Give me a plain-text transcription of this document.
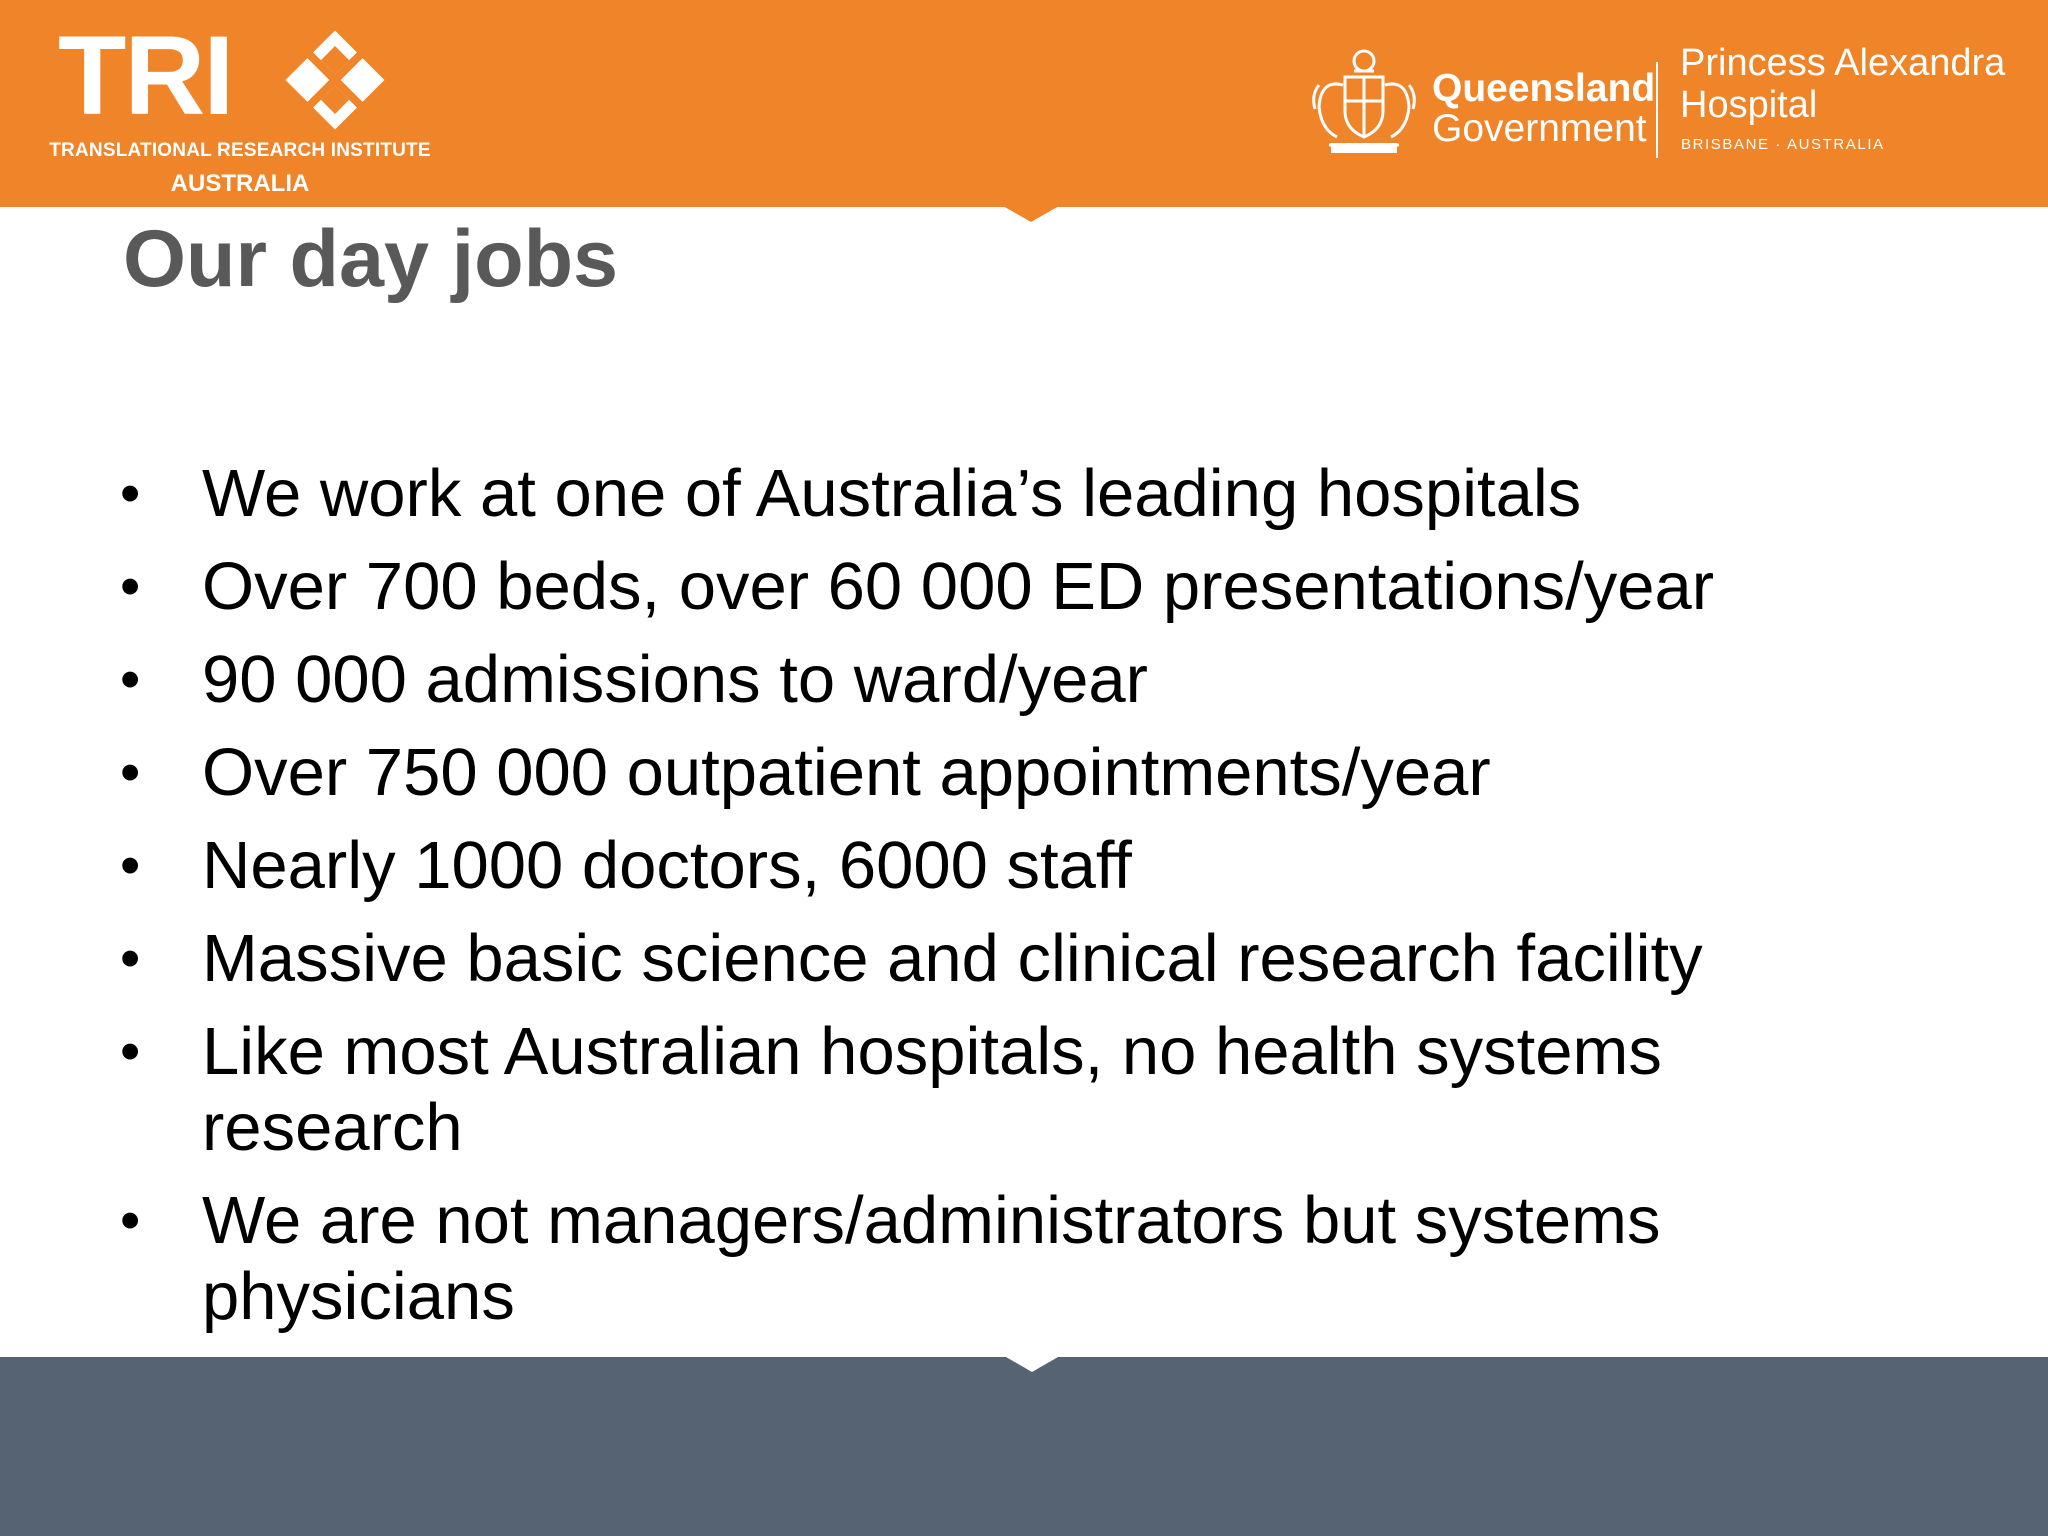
TRI
TRANSLATIONAL RESEARCH INSTITUTE
AUSTRALIA
Queensland
Government
Princess Alexandra
Hospital
BRISBANE · AUSTRALIA
Our day jobs
• We work at one of Australia’s leading hospitals
• Over 700 beds, over 60 000 ED presentations/year
• 90 000 admissions to ward/year
• Over 750 000 outpatient appointments/year
• Nearly 1000 doctors, 6000 staff
• Massive basic science and clinical research facility
• Like most Australian hospitals, no health systems research
• We are not managers/administrators but systems physicians
